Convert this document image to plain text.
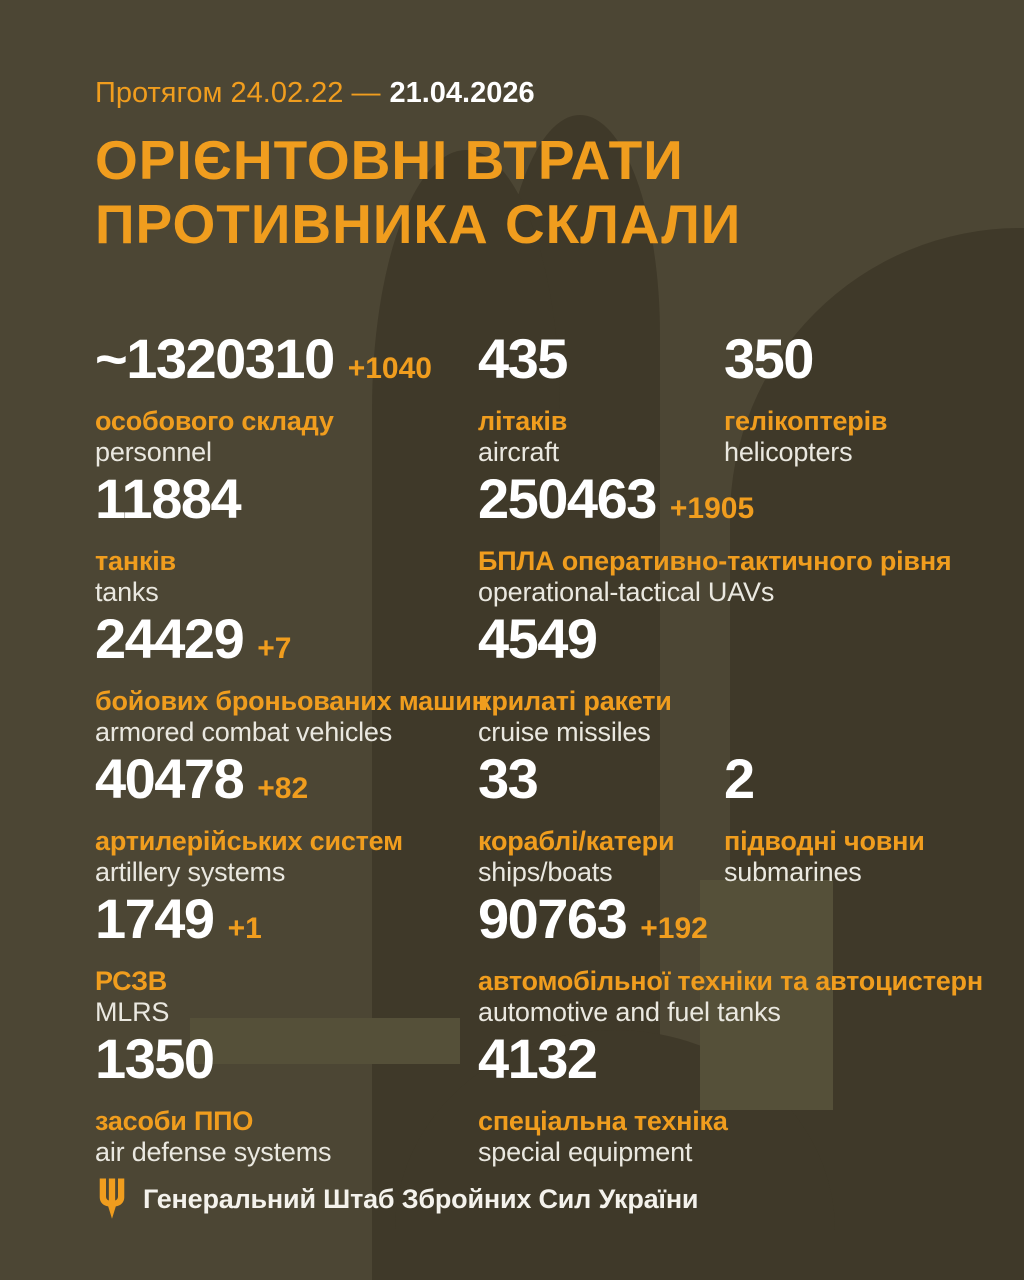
Протягом 24.02.22 — 21.04.2026
ОРІЄНТОВНІ ВТРАТИ
ПРОТИВНИКА СКЛАЛИ
~1320310 +1040
особового складу
personnel
435
літаків
aircraft
350
гелікоптерів
helicopters
11884
танків
tanks
250463 +1905
БПЛА оперативно-тактичного рівня
operational-tactical UAVs
24429 +7
бойових броньованих машин
armored combat vehicles
4549
крилаті ракети
cruise missiles
40478 +82
артилерійських систем
artillery systems
33
кораблі/катери
ships/boats
2
підводні човни
submarines
1749 +1
РСЗВ
MLRS
90763 +192
автомобільної техніки та автоцистерн
automotive and fuel tanks
1350
засоби ППО
air defense systems
4132
спеціальна техніка
special equipment
Генеральний Штаб Збройних Сил України
